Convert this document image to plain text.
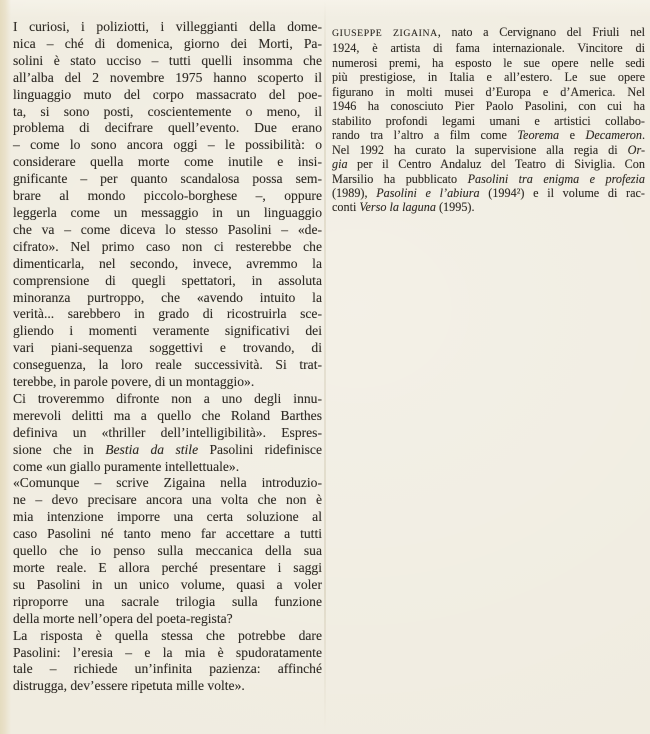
I curiosi, i poliziotti, i villeggianti della dome-
nica – ché di domenica, giorno dei Morti, Pa-
solini è stato ucciso – tutti quelli insomma che
all’alba del 2 novembre 1975 hanno scoperto il
linguaggio muto del corpo massacrato del poe-
ta, si sono posti, coscientemente o meno, il
problema di decifrare quell’evento. Due erano
– come lo sono ancora oggi – le possibilità: o
considerare quella morte come inutile e insi-
gnificante – per quanto scandalosa possa sem-
brare al mondo piccolo-borghese –, oppure
leggerla come un messaggio in un linguaggio
che va – come diceva lo stesso Pasolini – «de-
cifrato». Nel primo caso non ci resterebbe che
dimenticarla, nel secondo, invece, avremmo la
comprensione di quegli spettatori, in assoluta
minoranza purtroppo, che «avendo intuito la
verità... sarebbero in grado di ricostruirla sce-
gliendo i momenti veramente significativi dei
vari piani-sequenza soggettivi e trovando, di
conseguenza, la loro reale successività. Si trat-
terebbe, in parole povere, di un montaggio».
Ci troveremmo difronte non a uno degli innu-
merevoli delitti ma a quello che Roland Barthes
definiva un «thriller dell’intelligibilità». Espres-
sione che in Bestia da stile Pasolini ridefinisce
come «un giallo puramente intellettuale».
«Comunque – scrive Zigaina nella introduzio-
ne – devo precisare ancora una volta che non è
mia intenzione imporre una certa soluzione al
caso Pasolini né tanto meno far accettare a tutti
quello che io penso sulla meccanica della sua
morte reale. E allora perché presentare i saggi
su Pasolini in un unico volume, quasi a voler
riproporre una sacrale trilogia sulla funzione
della morte nell’opera del poeta-regista?
La risposta è quella stessa che potrebbe dare
Pasolini: l’eresia – e la mia è spudoratamente
tale – richiede un’infinita pazienza: affinché
distrugga, dev’essere ripetuta mille volte».
GIUSEPPE ZIGAINA, nato a Cervignano del Friuli nel
1924, è artista di fama internazionale. Vincitore di
numerosi premi, ha esposto le sue opere nelle sedi
più prestigiose, in Italia e all’estero. Le sue opere
figurano in molti musei d’Europa e d’America. Nel
1946 ha conosciuto Pier Paolo Pasolini, con cui ha
stabilito profondi legami umani e artistici collabo-
rando tra l’altro a film come Teorema e Decameron.
Nel 1992 ha curato la supervisione alla regia di Or-
gia per il Centro Andaluz del Teatro di Siviglia. Con
Marsilio ha pubblicato Pasolini tra enigma e profezia
(1989), Pasolini e l’abiura (1994²) e il volume di rac-
conti Verso la laguna (1995).
